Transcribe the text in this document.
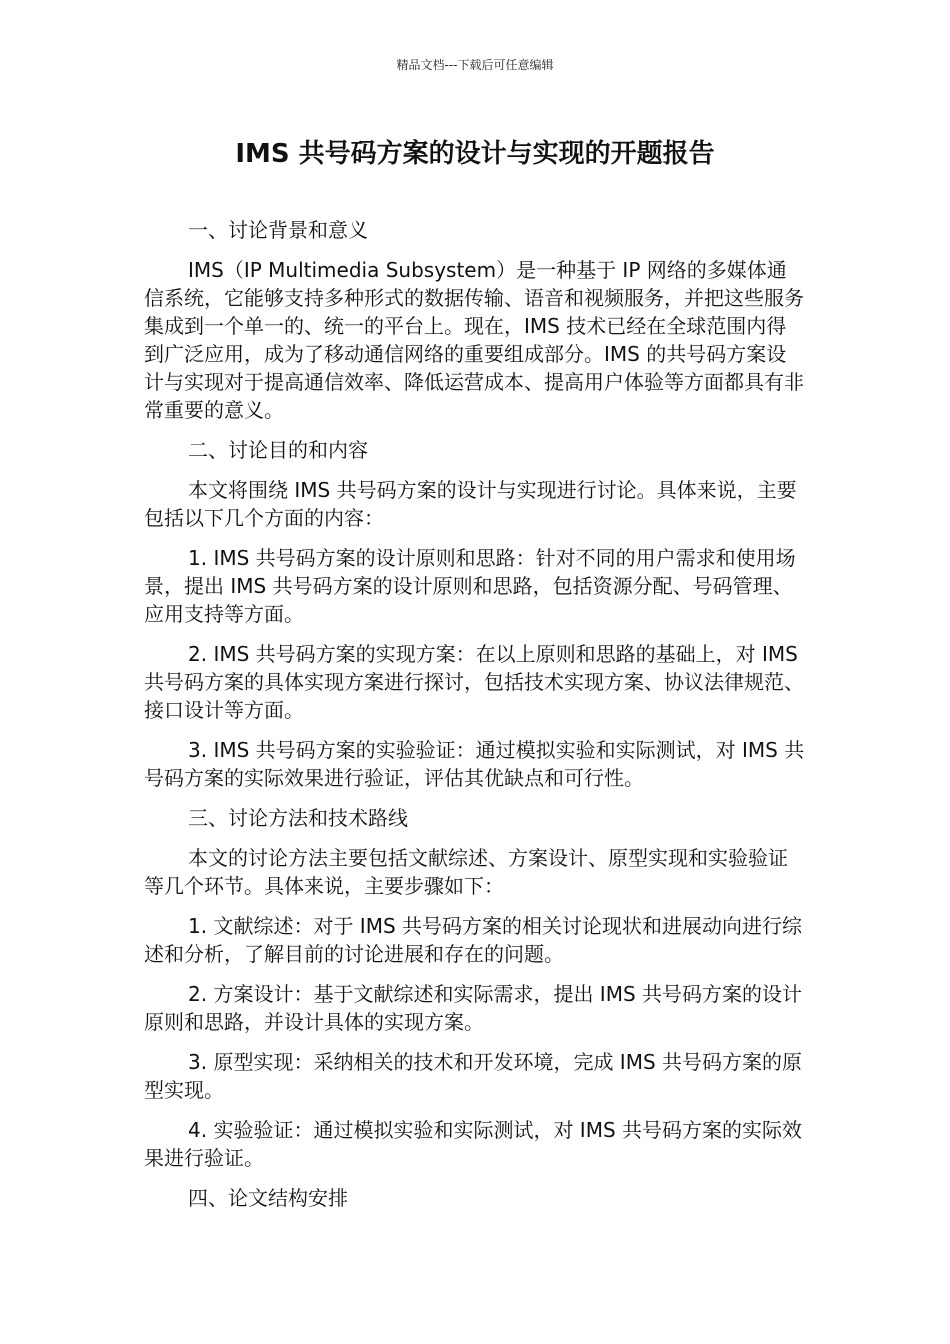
精品文档---下载后可任意编辑
IMS 共号码方案的设计与实现的开题报告

一、讨论背景和意义

IMS（IP Multimedia Subsystem）是一种基于 IP 网络的多媒体通信系统，它能够支持多种形式的数据传输、语音和视频服务，并把这些服务集成到一个单一的、统一的平台上。现在，IMS 技术已经在全球范围内得到广泛应用，成为了移动通信网络的重要组成部分。IMS 的共号码方案设计与实现对于提高通信效率、降低运营成本、提高用户体验等方面都具有非常重要的意义。

二、讨论目的和内容

本文将围绕 IMS 共号码方案的设计与实现进行讨论。具体来说，主要包括以下几个方面的内容：

1. IMS 共号码方案的设计原则和思路：针对不同的用户需求和使用场景，提出 IMS 共号码方案的设计原则和思路，包括资源分配、号码管理、应用支持等方面。

2. IMS 共号码方案的实现方案：在以上原则和思路的基础上，对 IMS 共号码方案的具体实现方案进行探讨，包括技术实现方案、协议法律规范、接口设计等方面。

3. IMS 共号码方案的实验验证：通过模拟实验和实际测试，对 IMS 共号码方案的实际效果进行验证，评估其优缺点和可行性。

三、讨论方法和技术路线

本文的讨论方法主要包括文献综述、方案设计、原型实现和实验验证等几个环节。具体来说，主要步骤如下：

1. 文献综述：对于 IMS 共号码方案的相关讨论现状和进展动向进行综述和分析，了解目前的讨论进展和存在的问题。

2. 方案设计：基于文献综述和实际需求，提出 IMS 共号码方案的设计原则和思路，并设计具体的实现方案。

3. 原型实现：采纳相关的技术和开发环境，完成 IMS 共号码方案的原型实现。

4. 实验验证：通过模拟实验和实际测试，对 IMS 共号码方案的实际效果进行验证。

四、论文结构安排
